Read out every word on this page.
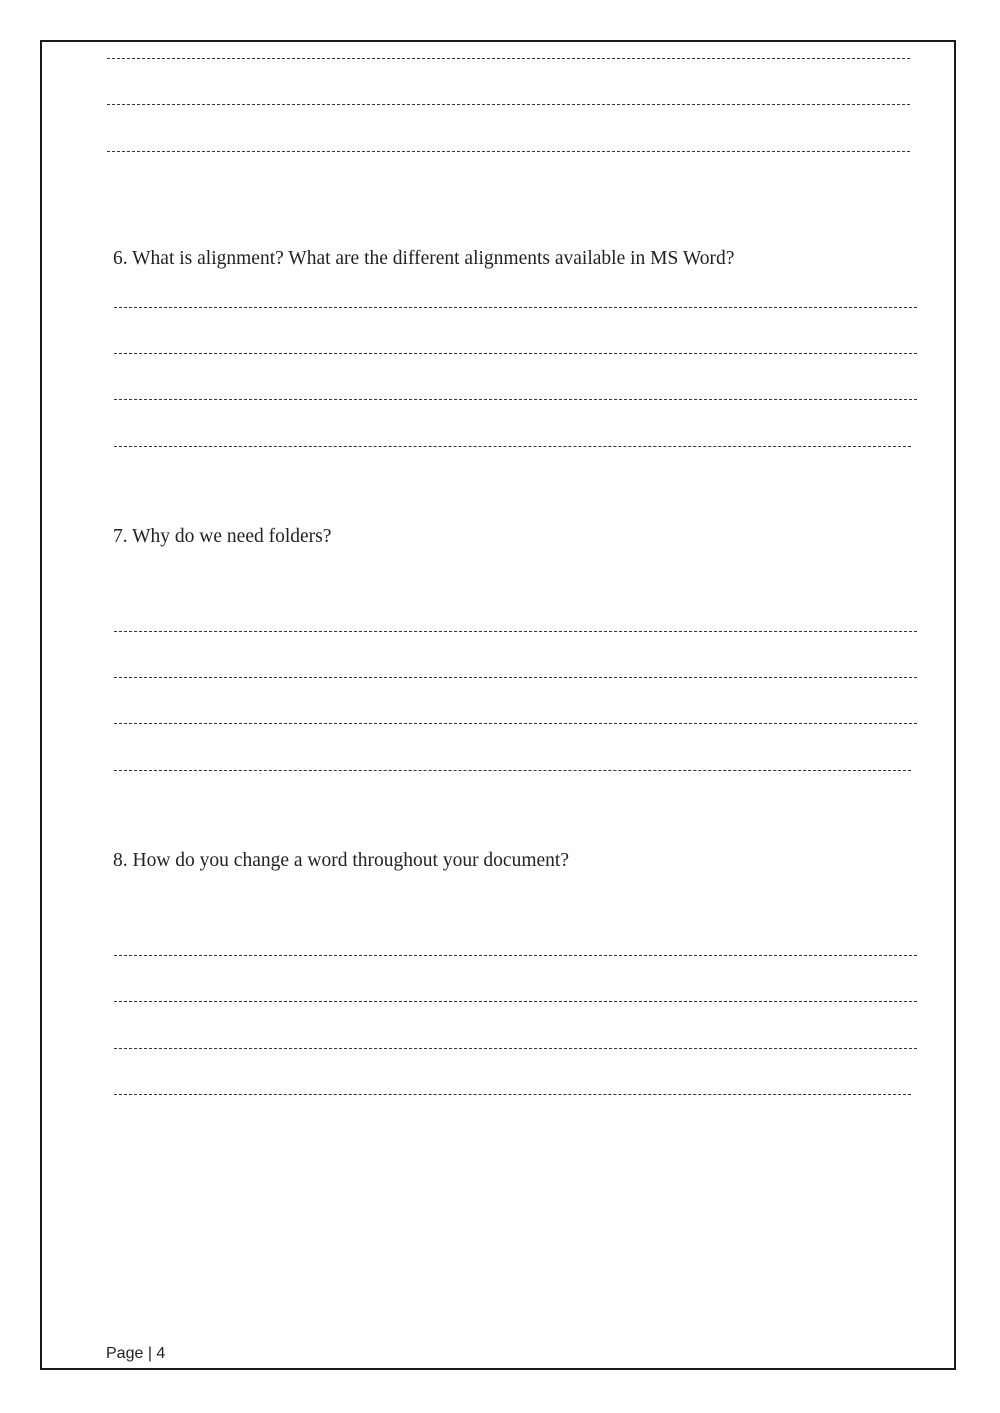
6. What is alignment? What are the different alignments available in MS Word?
7. Why do we need folders?
8. How do you change a word throughout your document?
Page | 4
